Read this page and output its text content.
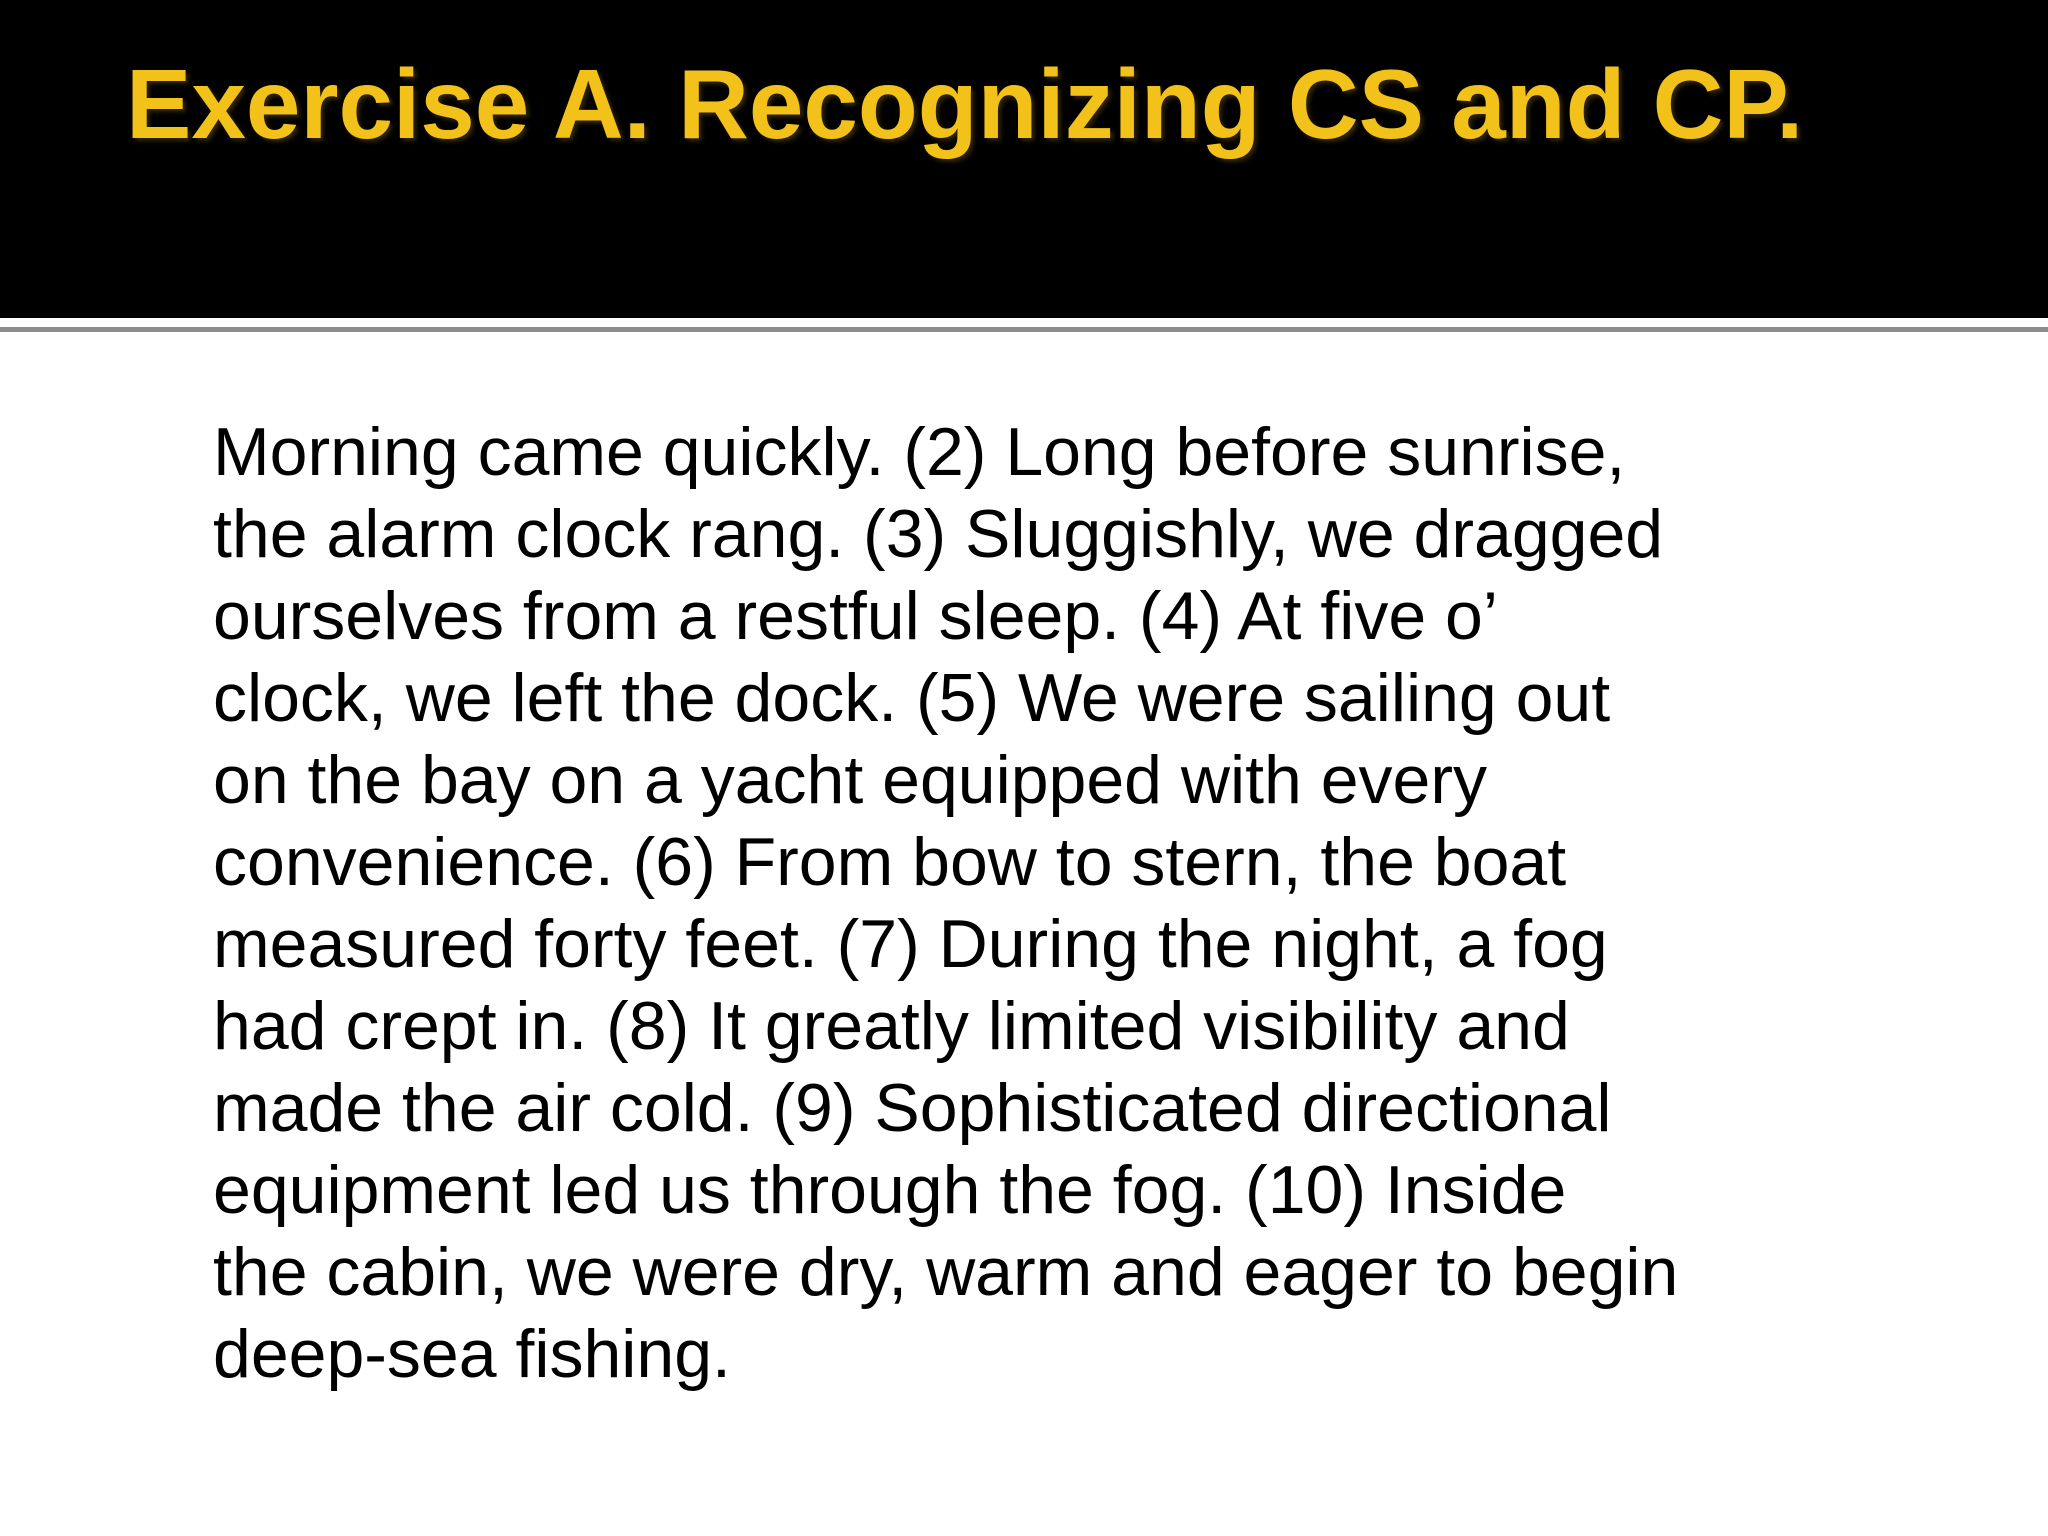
Exercise A. Recognizing CS and CP.

Morning came quickly. (2) Long before sunrise,
the alarm clock rang. (3) Sluggishly, we dragged
ourselves from a restful sleep. (4) At five o’
clock, we left the dock. (5) We were sailing out
on the bay on a yacht equipped with every
convenience. (6) From bow to stern, the boat
measured forty feet. (7) During the night, a fog
had crept in. (8) It greatly limited visibility and
made the air cold. (9) Sophisticated directional
equipment led us through the fog. (10) Inside
the cabin, we were dry, warm and eager to begin
deep-sea fishing.
